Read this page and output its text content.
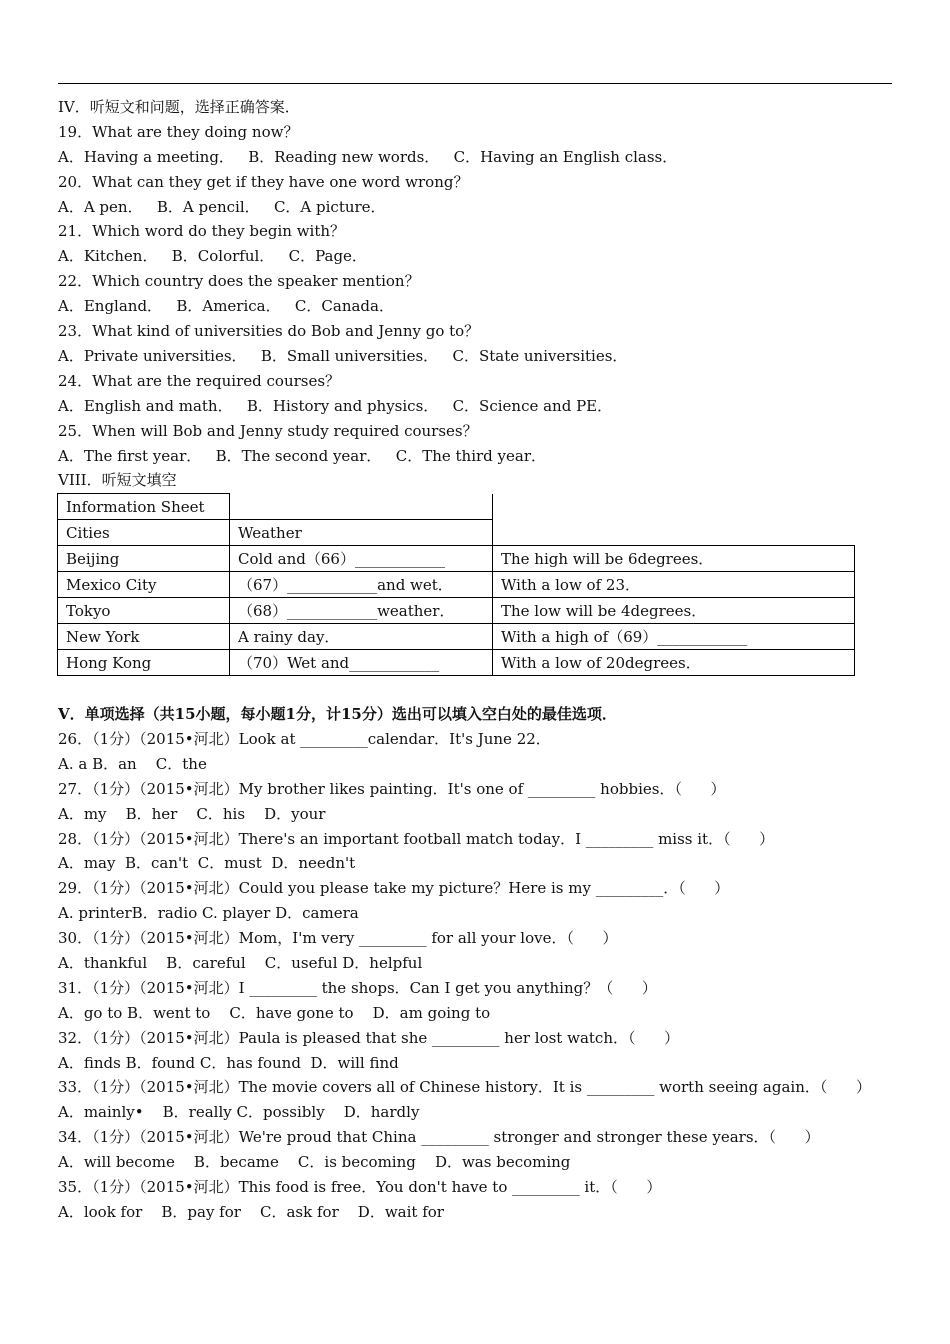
IV．听短文和问题，选择正确答案．
19．What are they doing now？
A．Having a meeting．   B．Reading new words．   C．Having an English class．
20．What can they get if they have one word wrong？
A．A pen．   B．A pencil．   C．A picture．
21．Which word do they begin with？
A．Kitchen．   B．Colorful．   C．Page．
22．Which country does the speaker mention？
A．England．   B．America．   C．Canada．
23．What kind of universities do Bob and Jenny go to？
A．Private universities．   B．Small universities．   C．State universities．
24．What are the required courses？
A．English and math．   B．History and physics．   C．Science and PE．
25．When will Bob and Jenny study required courses？
A．The first year．   B．The second year．   C．The third year．
VIII．听短文填空
Information Sheet		
Cities	Weather	
Beijing	Cold and（66）____________	The high will be 6degrees．
Mexico City	（67）____________and wet．	With a low of 23．
Tokyo	（68）____________weather．	The low will be 4degrees．
New York	A rainy day．	With a high of（69）____________
Hong Kong	（70）Wet and____________	With a low of 20degrees．
V．单项选择（共15小题，每小题1分，计15分）选出可以填入空白处的最佳选项．
26．（1分）（2015•河北）Look at _________calendar．It's June 22．
A. a B．an    C．the
27．（1分）（2015•河北）My brother likes painting．It's one of _________ hobbies．（      ）
A．my    B．her    C．his    D．your
28．（1分）（2015•河北）There's an important football match today．I _________ miss it．（      ）
A．may  B．can't  C．must  D．needn't
29．（1分）（2015•河北）Could you please take my picture？Here is my _________．（      ）
A. printerB．radio C. player D．camera
30．（1分）（2015•河北）Mom，I'm very _________ for all your love．（      ）
A．thankful    B．careful    C．useful D．helpful
31．（1分）（2015•河北）I _________ the shops．Can I get you anything？（      ）
A．go to B．went to    C．have gone to    D．am going to
32．（1分）（2015•河北）Paula is pleased that she _________ her lost watch．（      ）
A．finds B．found C．has found  D．will find
33．（1分）（2015•河北）The movie covers all of Chinese history．It is _________ worth seeing again．（      ）
A．mainly•    B．really C．possibly    D．hardly
34．（1分）（2015•河北）We're proud that China _________ stronger and stronger these years．（      ）
A．will become    B．became    C．is becoming    D．was becoming
35．（1分）（2015•河北）This food is free．You don't have to _________ it．（      ）
A．look for    B．pay for    C．ask for    D．wait for
